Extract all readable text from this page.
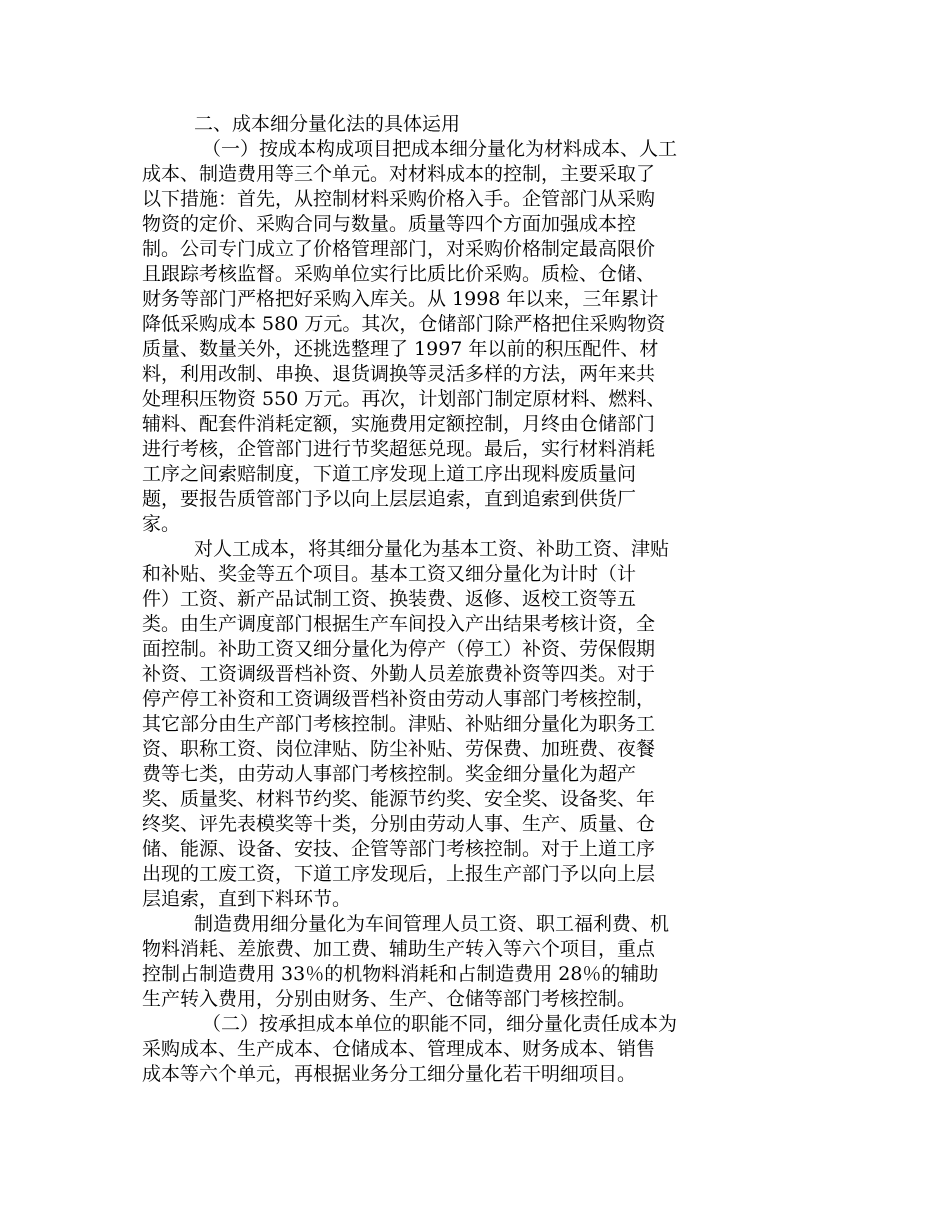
二、成本细分量化法的具体运用
（一）按成本构成项目把成本细分量化为材料成本、人工
成本、制造费用等三个单元。对材料成本的控制，主要采取了
以下措施：首先，从控制材料采购价格入手。企管部门从采购
物资的定价、采购合同与数量。质量等四个方面加强成本控
制。公司专门成立了价格管理部门，对采购价格制定最高限价
且跟踪考核监督。采购单位实行比质比价采购。质检、仓储、
财务等部门严格把好采购入库关。从 1998 年以来，三年累计
降低采购成本 580 万元。其次，仓储部门除严格把住采购物资
质量、数量关外，还挑选整理了 1997 年以前的积压配件、材
料，利用改制、串换、退货调换等灵活多样的方法，两年来共
处理积压物资 550 万元。再次，计划部门制定原材料、燃料、
辅料、配套件消耗定额，实施费用定额控制，月终由仓储部门
进行考核，企管部门进行节奖超惩兑现。最后，实行材料消耗
工序之间索赔制度，下道工序发现上道工序出现料废质量问
题，要报告质管部门予以向上层层追索，直到追索到供货厂
家。
对人工成本，将其细分量化为基本工资、补助工资、津贴
和补贴、奖金等五个项目。基本工资又细分量化为计时（计
件）工资、新产品试制工资、换装费、返修、返校工资等五
类。由生产调度部门根据生产车间投入产出结果考核计资，全
面控制。补助工资又细分量化为停产（停工）补资、劳保假期
补资、工资调级晋档补资、外勤人员差旅费补资等四类。对于
停产停工补资和工资调级晋档补资由劳动人事部门考核控制，
其它部分由生产部门考核控制。津贴、补贴细分量化为职务工
资、职称工资、岗位津贴、防尘补贴、劳保费、加班费、夜餐
费等七类，由劳动人事部门考核控制。奖金细分量化为超产
奖、质量奖、材料节约奖、能源节约奖、安全奖、设备奖、年
终奖、评先表模奖等十类，分别由劳动人事、生产、质量、仓
储、能源、设备、安技、企管等部门考核控制。对于上道工序
出现的工废工资，下道工序发现后，上报生产部门予以向上层
层追索，直到下料环节。
制造费用细分量化为车间管理人员工资、职工福利费、机
物料消耗、差旅费、加工费、辅助生产转入等六个项目，重点
控制占制造费用 33％的机物料消耗和占制造费用 28％的辅助
生产转入费用，分别由财务、生产、仓储等部门考核控制。
（二）按承担成本单位的职能不同，细分量化责任成本为
采购成本、生产成本、仓储成本、管理成本、财务成本、销售
成本等六个单元，再根据业务分工细分量化若干明细项目。
